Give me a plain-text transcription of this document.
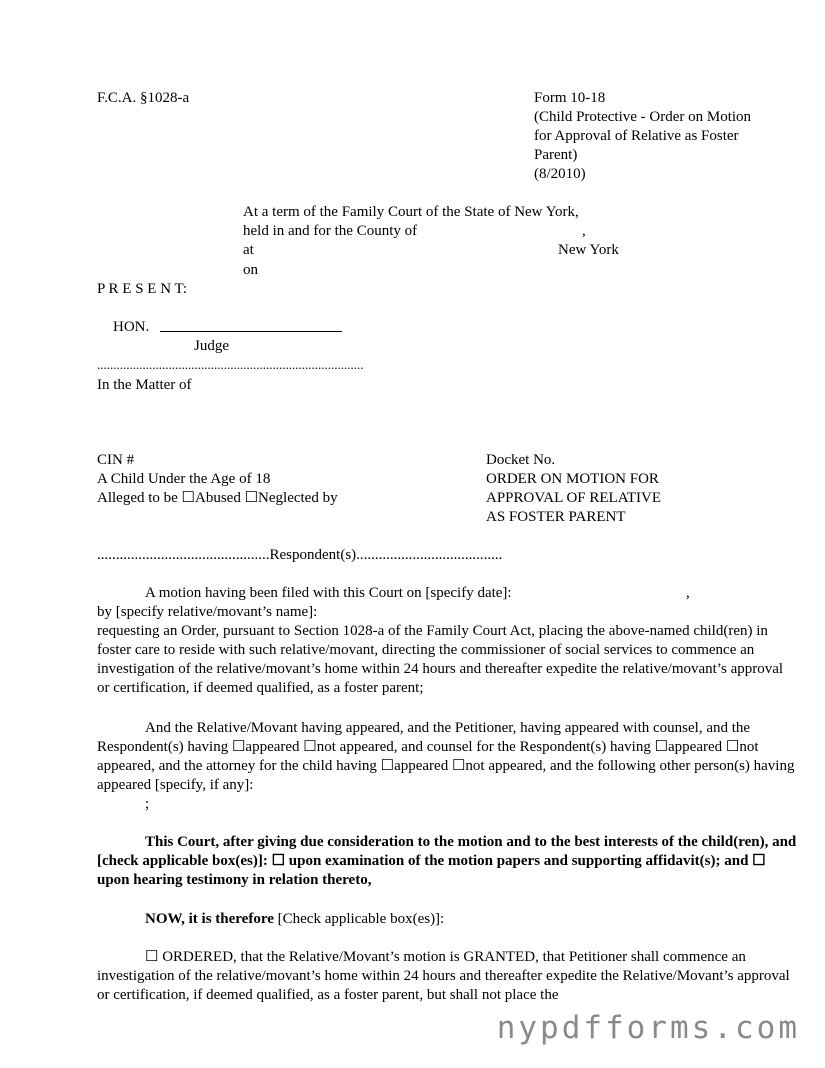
F.C.A. §1028-a	Form 10-18
(Child Protective - Order on Motion
for Approval of Relative as Foster
Parent)
(8/2010)
At a term of the Family Court of the State of New York,
held in and for the County of	,
at	New York
on
P R E S E N T:
HON.
Judge
..................................................................................
In the Matter of
CIN #
A Child Under the Age of 18
Alleged to be ☐Abused ☐Neglected by
Docket No.
ORDER ON MOTION FOR
APPROVAL OF RELATIVE
AS FOSTER PARENT
..............................................Respondent(s).......................................
A motion having been filed with this Court on [specify date]:	,
by [specify relative/movant’s name]:
requesting an Order, pursuant to Section 1028-a of the Family Court Act, placing the above-named child(ren) in foster care to reside with such relative/movant, directing the commissioner of social services to commence an investigation of the relative/movant’s home within 24 hours and thereafter expedite the relative/movant’s approval or certification, if deemed qualified, as a foster parent;
And the Relative/Movant having appeared, and the Petitioner, having appeared with counsel, and the Respondent(s) having ☐appeared ☐not appeared, and counsel for the Respondent(s) having ☐appeared ☐not appeared, and the attorney for the child having ☐appeared ☐not appeared, and the following other person(s) having appeared [specify, if any]:
;
This Court, after giving due consideration to the motion and to the best interests of the child(ren), and [check applicable box(es)]: ☐ upon examination of the motion papers and supporting affidavit(s); and ☐ upon hearing testimony in relation thereto,
NOW, it is therefore [Check applicable box(es)]:
☐ ORDERED, that the Relative/Movant’s motion is GRANTED, that Petitioner shall commence an investigation of the relative/movant’s home within 24 hours and thereafter expedite the Relative/Movant’s approval or certification, if deemed qualified, as a foster parent, but shall not place the
nypdfforms.com
